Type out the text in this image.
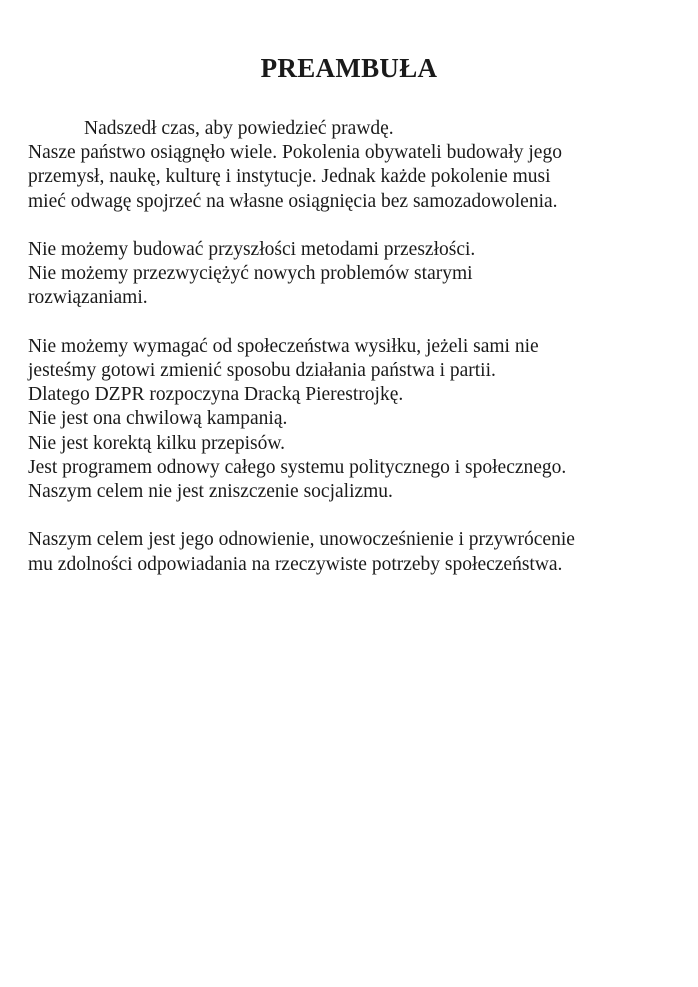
PREAMBUŁA
Nadszedł czas, aby powiedzieć prawdę.
Nasze państwo osiągnęło wiele. Pokolenia obywateli budowały jego
przemysł, naukę, kulturę i instytucje. Jednak każde pokolenie musi
mieć odwagę spojrzeć na własne osiągnięcia bez samozadowolenia.
Nie możemy budować przyszłości metodami przeszłości.
Nie możemy przezwyciężyć nowych problemów starymi
rozwiązaniami.
Nie możemy wymagać od społeczeństwa wysiłku, jeżeli sami nie
jesteśmy gotowi zmienić sposobu działania państwa i partii.
Dlatego DZPR rozpoczyna Dracką Pierestrojkę.
Nie jest ona chwilową kampanią.
Nie jest korektą kilku przepisów.
Jest programem odnowy całego systemu politycznego i społecznego.
Naszym celem nie jest zniszczenie socjalizmu.
Naszym celem jest jego odnowienie, unowocześnienie i przywrócenie
mu zdolności odpowiadania na rzeczywiste potrzeby społeczeństwa.
